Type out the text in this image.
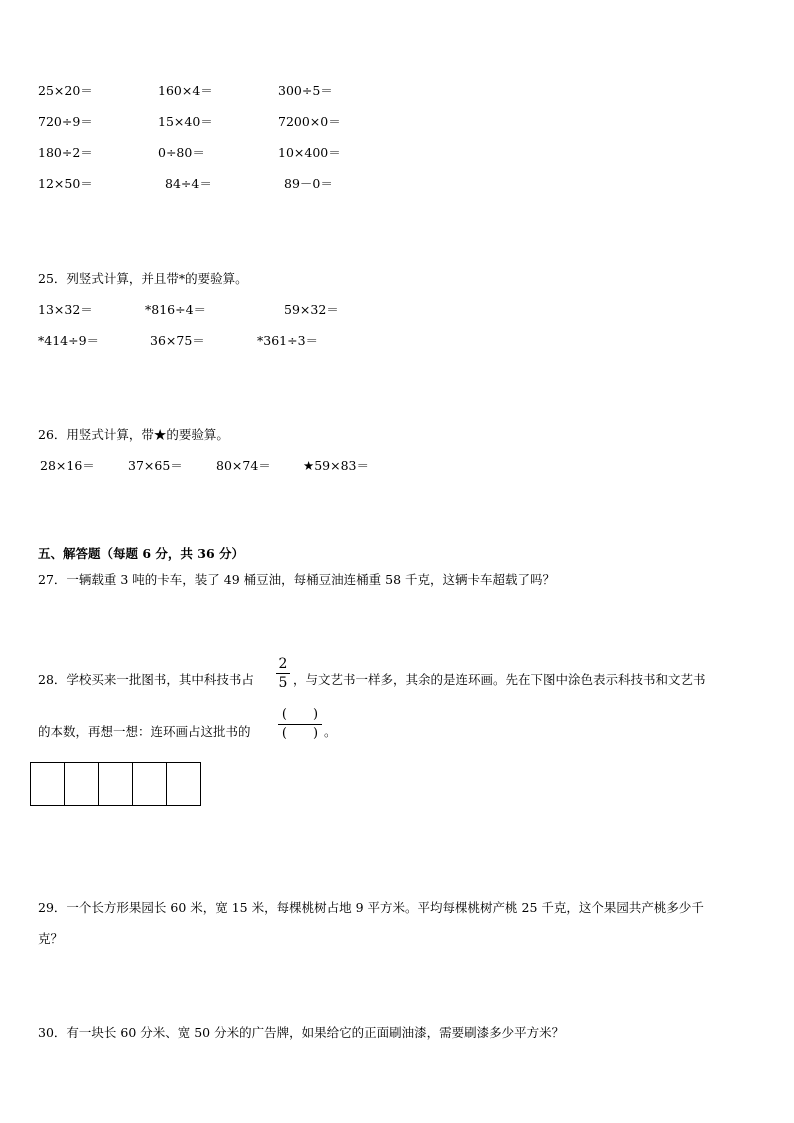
25×20＝	160×4＝	300÷5＝
720÷9＝	15×40＝	7200×0＝
180÷2＝	0÷80＝	10×400＝
12×50＝	84÷4＝	89－0＝
25．列竖式计算，并且带*的要验算。
13×32＝	*816÷4＝	59×32＝
*414÷9＝	36×75＝	*361÷3＝
26．用竖式计算，带★的要验算。
28×16＝	37×65＝	80×74＝	★59×83＝
五、解答题（每题 6 分，共 36 分）
27．一辆载重 3 吨的卡车，装了 49 桶豆油，每桶豆油连桶重 58 千克，这辆卡车超载了吗？
28．学校买来一批图书，其中科技书占
2
5 ，与文艺书一样多，其余的是连环画。先在下图中涂色表示科技书和文艺书
的本数，再想一想：连环画占这批书的
(　　)
(　　) 。
29．一个长方形果园长 60 米，宽 15 米，每棵桃树占地 9 平方米。平均每棵桃树产桃 25 千克，这个果园共产桃多少千
克？
30．有一块长 60 分米、宽 50 分米的广告牌，如果给它的正面刷油漆，需要刷漆多少平方米？
